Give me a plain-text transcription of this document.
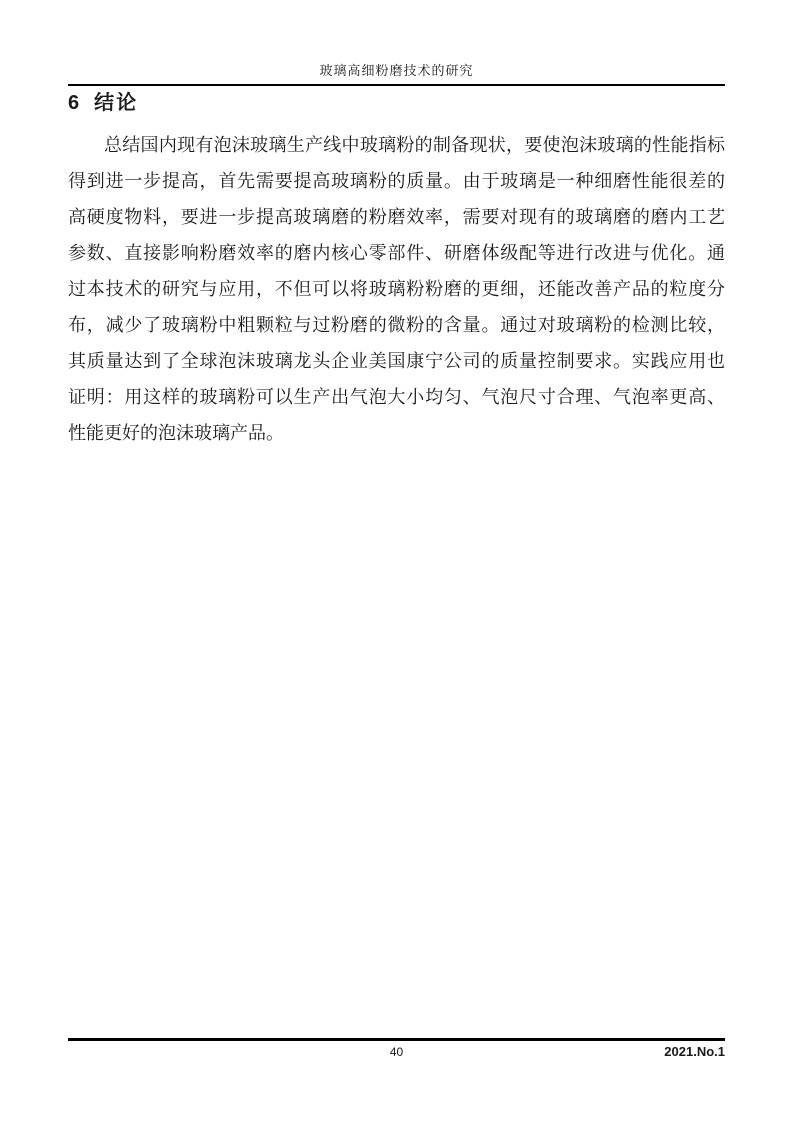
玻璃高细粉磨技术的研究
6 结论
总结国内现有泡沫玻璃生产线中玻璃粉的制备现状，要使泡沫玻璃的性能指标
得到进一步提高，首先需要提高玻璃粉的质量。由于玻璃是一种细磨性能很差的
高硬度物料，要进一步提高玻璃磨的粉磨效率，需要对现有的玻璃磨的磨内工艺
参数、直接影响粉磨效率的磨内核心零部件、研磨体级配等进行改进与优化。通
过本技术的研究与应用，不但可以将玻璃粉粉磨的更细，还能改善产品的粒度分
布，减少了玻璃粉中粗颗粒与过粉磨的微粉的含量。通过对玻璃粉的检测比较，
其质量达到了全球泡沫玻璃龙头企业美国康宁公司的质量控制要求。实践应用也
证明：用这样的玻璃粉可以生产出气泡大小均匀、气泡尺寸合理、气泡率更高、
性能更好的泡沫玻璃产品。
40	2021.No.1
